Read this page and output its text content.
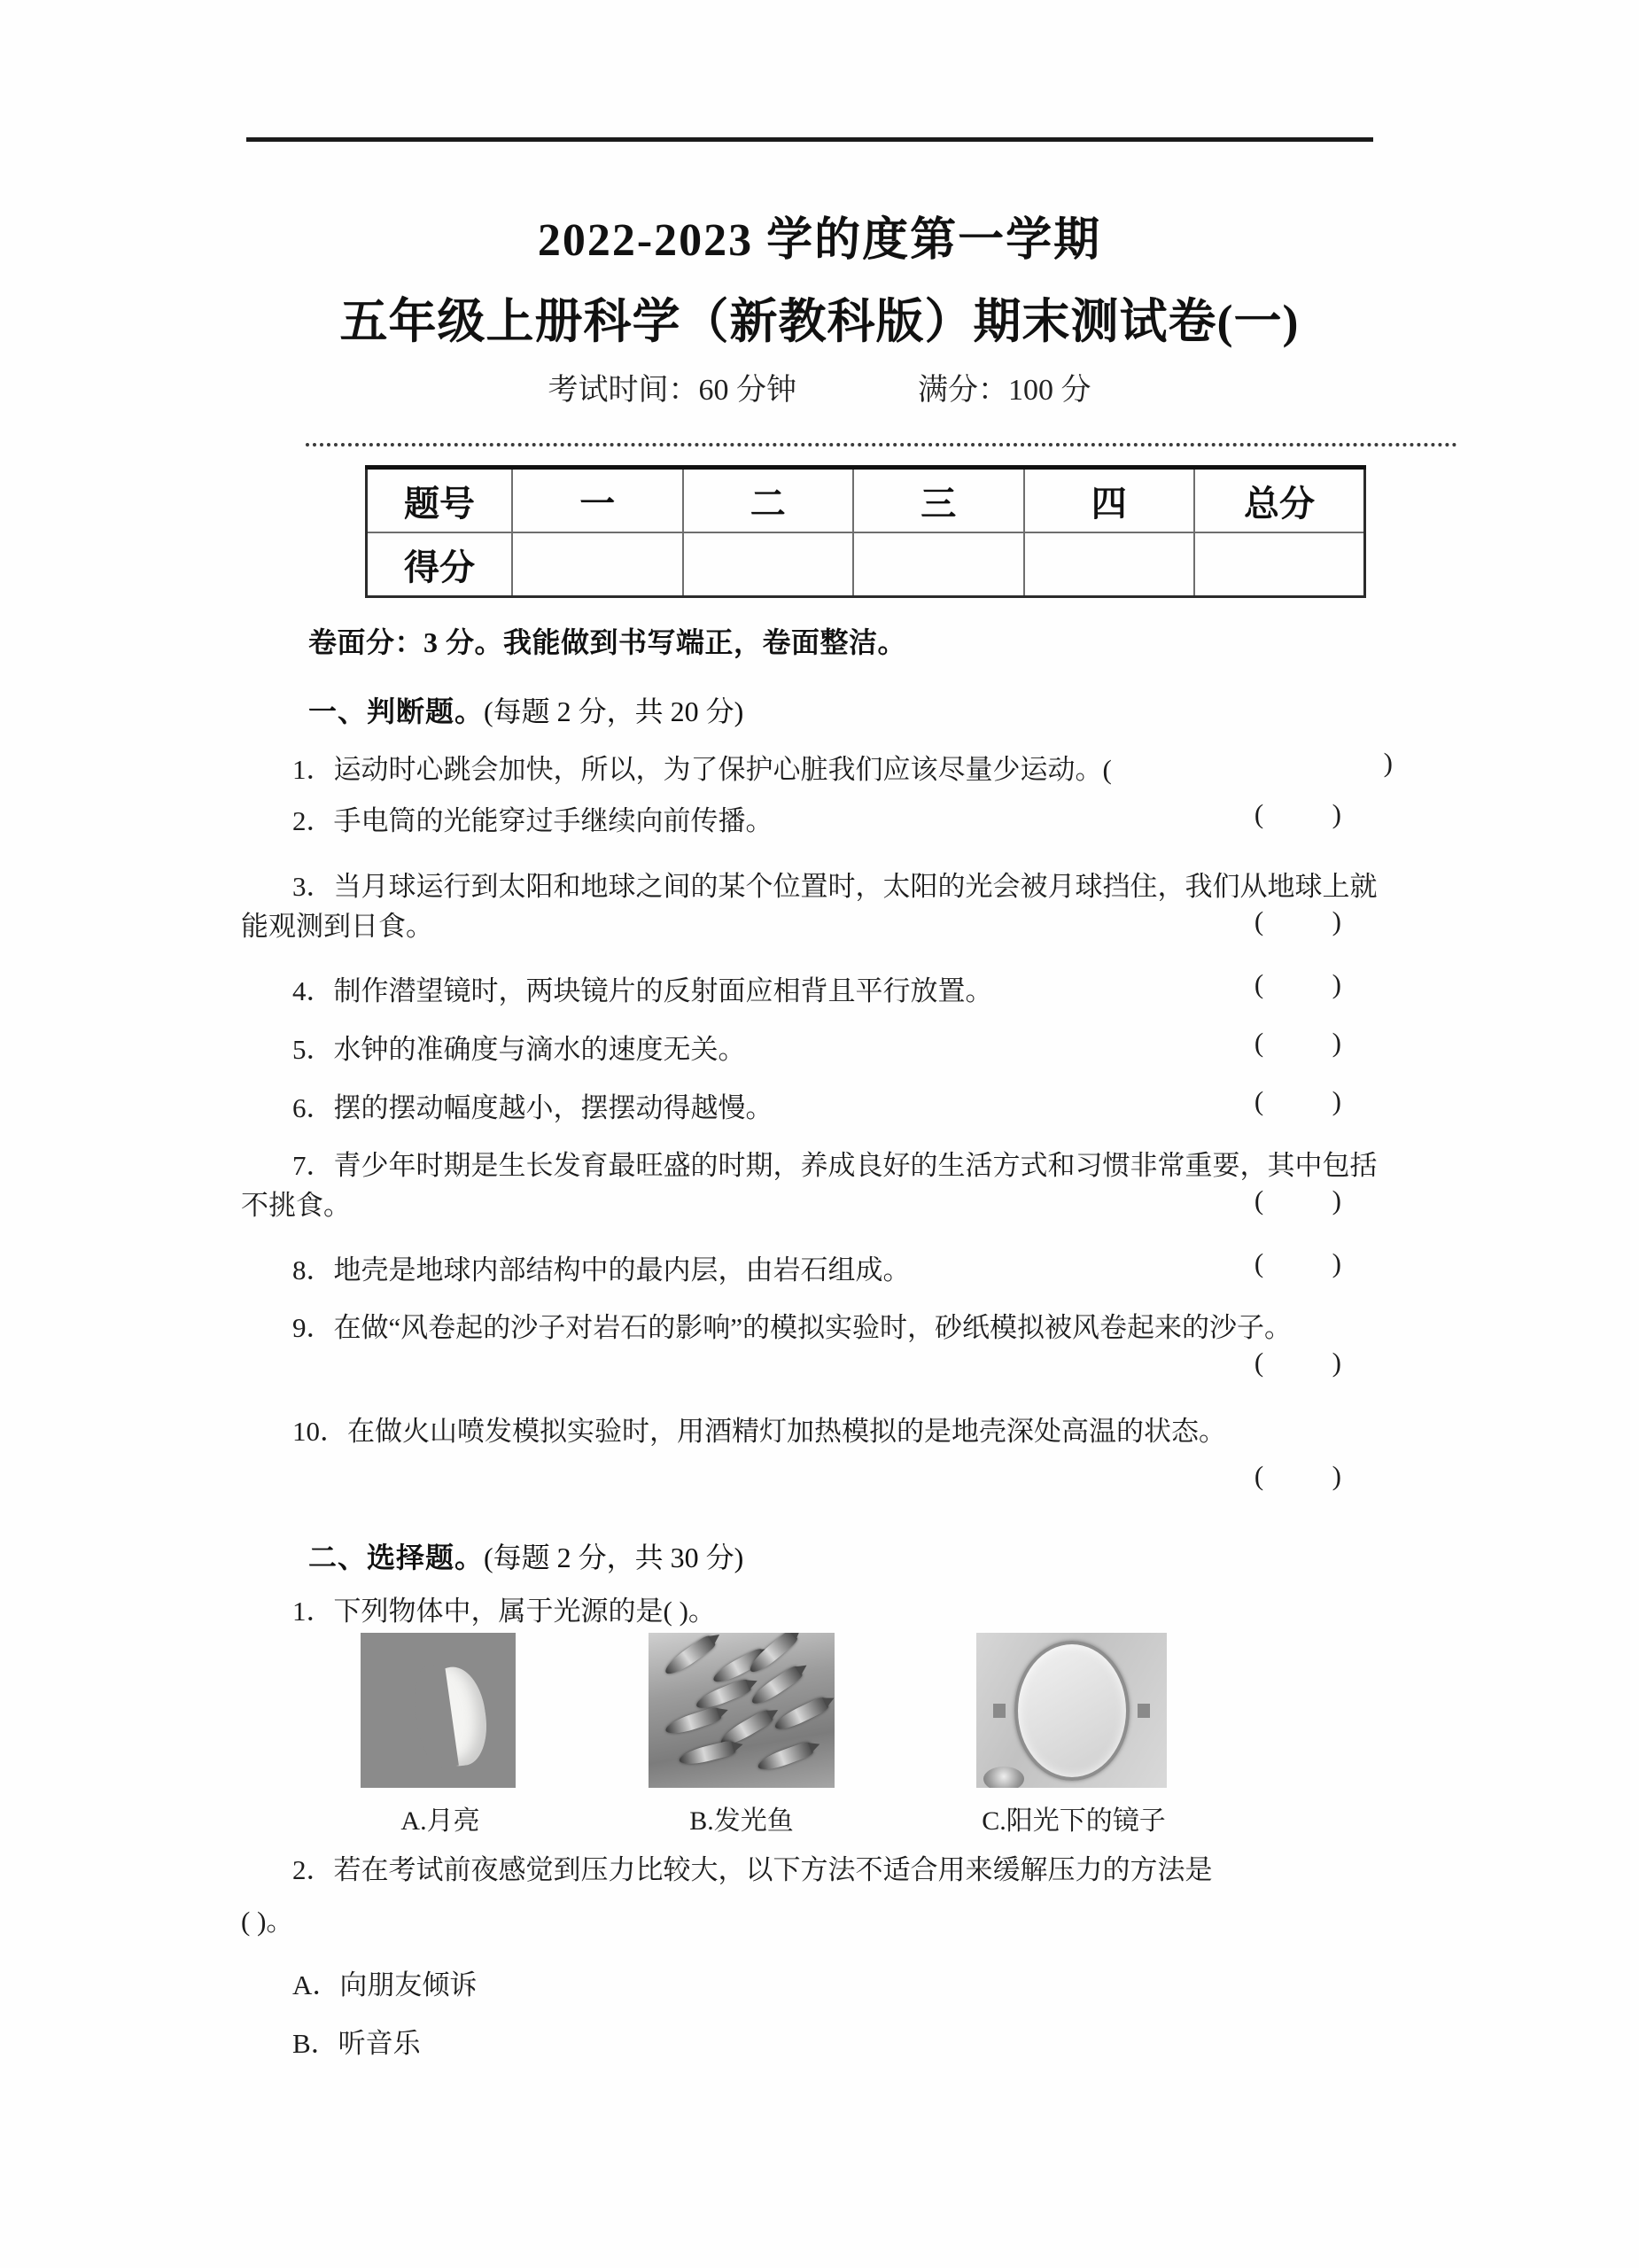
2022-2023 学的度第一学期
五年级上册科学（新教科版）期末测试卷(一)
考试时间：60 分钟	满分：100 分
题号	一	二	三	四	总分
得分					
卷面分：3 分。我能做到书写端正，卷面整洁。
一、判断题。(每题 2 分，共 20 分)
1．运动时心跳会加快，所以，为了保护心脏我们应该尽量少运动。(	)
2．手电筒的光能穿过手继续向前传播。	(          )
3．当月球运行到太阳和地球之间的某个位置时，太阳的光会被月球挡住，我们从地球上就能观测到日食。	(          )
4．制作潜望镜时，两块镜片的反射面应相背且平行放置。	(          )
5．水钟的准确度与滴水的速度无关。	(          )
6．摆的摆动幅度越小，摆摆动得越慢。	(          )
7．青少年时期是生长发育最旺盛的时期，养成良好的生活方式和习惯非常重要，其中包括不挑食。	(          )
8．地壳是地球内部结构中的最内层，由岩石组成。	(          )
9．在做“风卷起的沙子对岩石的影响”的模拟实验时，砂纸模拟被风卷起来的沙子。
(          )
10．在做火山喷发模拟实验时，用酒精灯加热模拟的是地壳深处高温的状态。
(          )
二、选择题。(每题 2 分，共 30 分)
1．下列物体中，属于光源的是( )。
A.月亮	B.发光鱼	C.阳光下的镜子
2．若在考试前夜感觉到压力比较大，以下方法不适合用来缓解压力的方法是
( )。
A．向朋友倾诉
B．听音乐
